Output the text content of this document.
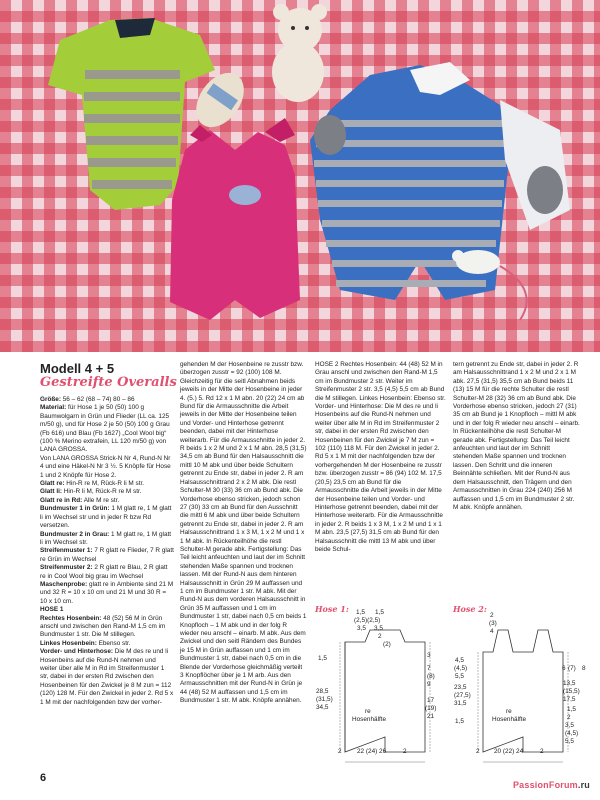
Modell 4 + 5
Gestreifte Overalls

Größe: 56 – 62 (68 – 74) 80 – 86

Material: für Hose 1 je 50 (50) 100 g Baumwolgarn in Grün und Flieder (LL ca. 125 m/50 g), und für Hose 2 je 50 (50) 100 g Grau (Fb 616) und Blau (Fb 1627) „Cool Wool big“ (100 % Merino extrafein, LL 120 m/50 g) von LANA GROSSA.

Von LANA GROSSA Strick-N Nr 4, Rund-N Nr 4 und eine Häkel-N Nr 3 ½. 5 Knöpfe für Hose 1 und 2 Knöpfe für Hose 2.

Glatt re: Hin-R re M, Rück-R li M str.

Glatt li: Hin-R li M, Rück-R re M str.

Glatt re in Rd: Alle M re str.

Bundmuster 1 in Grün: 1 M glatt re, 1 M glatt li im Wechsel str und in jeder R bzw Rd versetzen.

Bundmuster 2 in Grau: 1 M glatt re, 1 M glatt li im Wechsel str.

Streifenmuster 1: 7 R glatt re Flieder, 7 R glatt re Grün im Wechsel

Streifenmuster 2: 2 R glatt re Blau, 2 R glatt re in Cool Wool big grau im Wechsel

Maschenprobe: glatt re in Ambiente sind 21 M und 32 R = 10 x 10 cm und 21 M und 30 R = 10 x 10 cm.

HOSE 1

Rechtes Hosenbein: 48 (52) 56 M in Grün anschl und zwischen den Rand-M 1,5 cm im Bundmuster 1 str. Die M stillegen.

Linkes Hosenbein: Ebenso str.

Vorder- und Hinterhose: Die M des re und li Hosenbeins auf die Rund-N nehmen und weiter über alle M in Rd im Streifenmuster 1 str, dabei in der ersten Rd zwischen den Hosenbeinen für den Zwickel je 8 M zun = 112 (120) 128 M. Für den Zwickel in jeder 2. Rd 5 x 1 M mit der nachfolgenden bzw der vorher-

gehenden M der Hosenbeine re zusstr bzw. überzogen zusstr = 92 (100) 108 M. Gleichzeitig für die seitl Abnahmen beids jeweils in der Mitte der Hosenbeine in jeder 4. (5.) 5. Rd 12 x 1 M abn. 20 (22) 24 cm ab Bund für die Armausschnitte die Arbeit jeweils in der Mitte der Hosenbeine teilen und Vorder- und Hinterhose getrennt beenden, dabei mit der Hinterhose weiterarb. Für die Armausschnitte in jeder 2. R beids 1 x 2 M und 2 x 1 M abn. 28,5 (31,5) 34,5 cm ab Bund für den Halsausschnitt die mittl 10 M abk und über beide Schultern getrennt zu Ende str, dabei in jeder 2. R am Halsausschnittrand 2 x 2 M abk. Die restl Schulter-M 30 (33) 36 cm ab Bund abk. Die Vorderhose ebenso stricken, jedoch schon 27 (30) 33 cm ab Bund für den Ausschnitt die mittl 6 M abk und über beide Schultern getrennt zu Ende str, dabei in jeder 2. R am Halsausschnittrand 1 x 3 M, 1 x 2 M und 1 x 1 M abk. In Rückenteilhöhe die restl Schulter-M gerade abk. Fertigstellung: Das Teil leicht anfeuchten und laut der im Schnitt stehenden Maße spannen und trocknen lassen. Mit der Rund-N aus dem hinteren Halsausschnitt in Grün 29 M auffassen und 1 cm im Bundmuster 1 str. M abk. Mit der Rund-N aus dem vorderen Halsausschnitt in Grün 35 M auffassen und 1 cm im Bundmuster 1 str, dabei nach 0,5 cm beids 1 Knopfloch – 1 M abk und in der folg R wieder neu anschl – einarb. M abk. Aus dem Zwickel und den seitl Rändern des Bundes je 15 M in Grün auffassen und 1 cm im Bundmuster 1 str, dabei nach 0,5 cm in die Blende der Vorderhose gleichmäßig verteilt 3 Knopflöcher über je 1 M arb. Aus den Armausschnitten mit der Rund-N in Grün je 44 (48) 52 M auffassen und 1,5 cm im Bundmuster 1 str. M abk. Knöpfe annähen.

HOSE 2 Rechtes Hosenbein: 44 (48) 52 M in Grau anschl und zwischen den Rand-M 1,5 cm im Bundmuster 2 str. Weiter im Streifenmuster 2 str. 3,5 (4,5) 5,5 cm ab Bund die M stillegen. Linkes Hosenbein: Ebenso str. Vorder- und Hinterhose: Die M des re und li Hosenbeins auf die Rund-N nehmen und weiter über alle M in Rd im Streifenmuster 2 str, dabei in der ersten Rd zwischen den Hosenbeinen für den Zwickel je 7 M zun = 102 (110) 118 M. Für den Zwickel in jeder 2. Rd 5 x 1 M mit der nachfolgenden bzw der vorhergehenden M der Hosenbeine re zusstr bzw. überzogen zusstr = 86 (94) 102 M. 17,5 (20,5) 23,5 cm ab Bund für die Armausschnitte die Arbeit jeweils in der Mitte der Hosenbeine teilen und Vorder- und Hinterhose getrennt beenden, dabei mit der Hinterhose weiterarb. Für die Armausschnitte in jeder 2. R beids 1 x 3 M, 1 x 2 M und 1 x 1 M abn. 23,5 (27,5) 31,5 cm ab Bund für den Halsausschnitt die mittl 13 M abk und über beide Schul-

tern getrennt zu Ende str, dabei in jeder 2. R am Halsausschnittrand 1 x 2 M und 2 x 1 M abk. 27,5 (31,5) 35,5 cm ab Bund beids 11 (13) 15 M für die rechte Schulter die restl Schulter-M 28 (32) 36 cm ab Bund abk. Die Vorderhose ebenso stricken, jedoch 27 (31) 35 cm ab Bund je 1 Knopfloch – mittl M abk und in der folg R wieder neu anschl – einarb. In Rückenteilhöhe die restl Schulter-M gerade abk. Fertigstellung: Das Teil leicht anfeuchten und laut der im Schnitt stehenden Maße spannen und trocknen lassen. Den Schritt und die inneren Beinnähte schließen. Mit der Rund-N aus dem Halsausschnitt, den Trägern und den Armausschnitten in Grau 224 (240) 256 M auffassen und 1,5 cm im Bundmuster 2 str. M abk. Knöpfe annähen.

Hose 1: 1,5 1,5
(2,5)(2,5)
3,5 3,5
2
(2)
1,5	3
7
(8)
9
28,5
(31,5)
34,5
17
(19)
21
re
Hosenhälfte
2 22 (24) 26	2
Hose 2:
2
(3)
4
4,5
(4,5)
5,5
6 (7) 8
23,5
(27,5)
31,5
13,5
(15,5)
17,5
1,5
2
3,5
(4,5)
5,5
1,5
re
Hosenhälfte
2 20 (22) 24	2
6
PassionForum.ru
